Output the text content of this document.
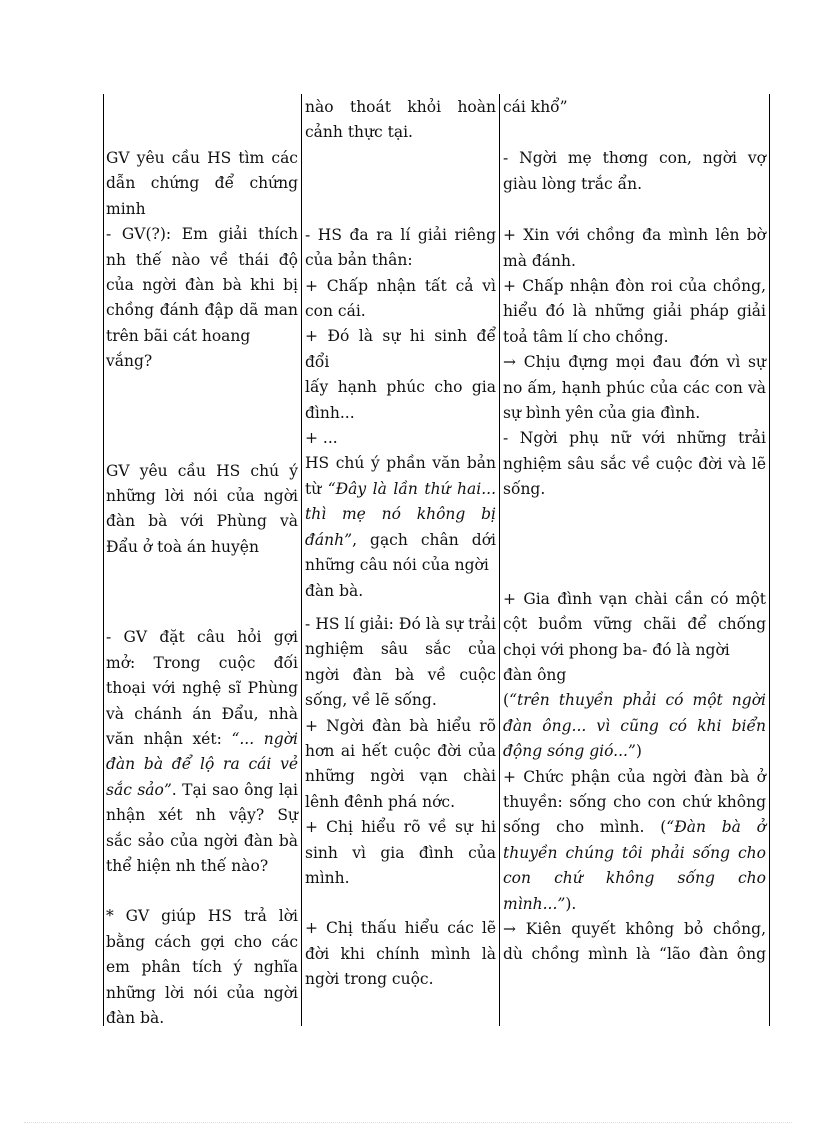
GV yêu cầu HS tìm các

dẫn chứng để chứng

minh

- GV(?): Em giải thích

nh thế nào về thái độ

của ngời đàn bà khi bị

chồng đánh đập dã man

trên bãi cát hoang vắng?

GV yêu cầu HS chú ý

những lời nói của ngời

đàn bà với Phùng và

Đẩu ở toà án huyện

- GV đặt câu hỏi gợi

mở: Trong cuộc đối

thoại với nghệ sĩ Phùng

và chánh án Đẩu, nhà

văn nhận xét: “... ngời

đàn bà để lộ ra cái vẻ

sắc sảo”. Tại sao ông lại

nhận xét nh vậy? Sự

sắc sảo của ngời đàn bà

thể hiện nh thế nào?

* GV giúp HS trả lời

bằng cách gợi cho các

em phân tích ý nghĩa

những lời nói của ngời

đàn bà.

nào thoát khỏi hoàn

cảnh thực tại.

- HS đa ra lí giải riêng

của bản thân:

+ Chấp nhận tất cả vì

con cái.

+ Đó là sự hi sinh để đổi

lấy hạnh phúc cho gia

đình...

+ ...

HS chú ý phần văn bản

từ “Đây là lần thứ hai...

thì mẹ nó không bị

đánh”, gạch chân dới

những câu nói của ngời

đàn bà.

- HS lí giải: Đó là sự trải

nghiệm sâu sắc của

ngời đàn bà về cuộc

sống, về lẽ sống.

+ Ngời đàn bà hiểu rõ

hơn ai hết cuộc đời của

những ngời vạn chài

lênh đênh phá nớc.

+ Chị hiểu rõ về sự hi

sinh vì gia đình của

mình.

+ Chị thấu hiểu các lẽ

đời khi chính mình là

ngời trong cuộc.

cái khổ”

- Ngời mẹ thơng con, ngời vợ

giàu lòng trắc ẩn.

+ Xin với chồng đa mình lên bờ

mà đánh.

+ Chấp nhận đòn roi của chồng,

hiểu đó là những giải pháp giải

toả tâm lí cho chồng.

→ Chịu đựng mọi đau đớn vì sự

no ấm, hạnh phúc của các con và

sự bình yên của gia đình.

- Ngời phụ nữ với những trải

nghiệm sâu sắc về cuộc đời và lẽ

sống.

+ Gia đình vạn chài cần có một

cột buồm vững chãi để chống

chọi với phong ba- đó là ngời

đàn ông

(“trên thuyền phải có một ngời

đàn ông... vì cũng có khi biển

động sóng gió...”)

+ Chức phận của ngời đàn bà ở

thuyền: sống cho con chứ không

sống cho mình. (“Đàn bà ở

thuyền chúng tôi phải sống cho

con chứ không sống cho

mình...”).

→ Kiên quyết không bỏ chồng,

dù chồng mình là “lão đàn ông
